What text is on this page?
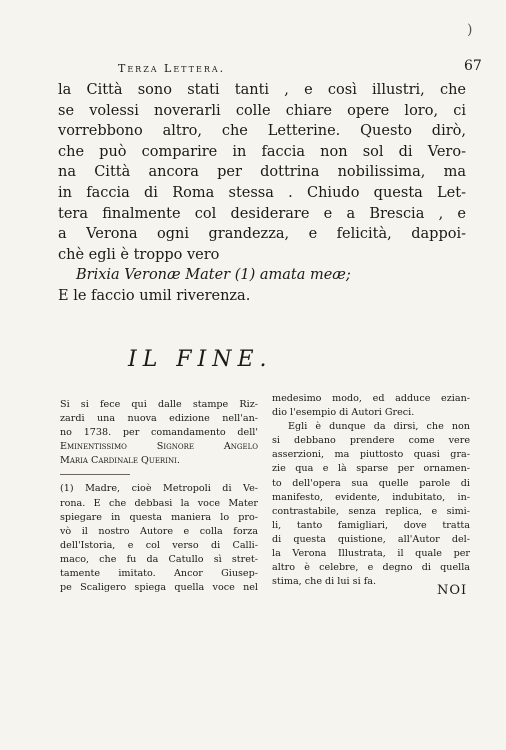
)
Terza Lettera.	67
la Città sono stati tanti , e così illustri, che
se volessi noverarli colle chiare opere loro, ci
vorrebbono altro, che Letterine. Questo dirò,
che può comparire in faccia non sol di Vero-
na Città ancora per dottrina nobilissima, ma
in faccia di Roma stessa . Chiudo questa Let-
tera finalmente col desiderare e a Brescia , e
a Verona ogni grandezza, e felicità, dappoi-
chè egli è troppo vero
Brixia Veronæ Mater (1) amata meæ;
E le faccio umil riverenza.
IL FINE.

Si si fece qui dalle stampe Riz-
zardi una nuova edizione nell'an-
no 1738. per comandamento dell'
Eminentissimo Signore Angelo
Maria Cardinale Querini.

(1) Madre, cioè Metropoli di Ve-
rona. E che debbasi la voce Mater
spiegare in questa maniera lo pro-
vò il nostro Autore e colla forza
dell'Istoria, e col verso di Calli-
maco, che fu da Catullo sì stret-
tamente imitato. Ancor Giusep-
pe Scaligero spiega quella voce nel

medesimo modo, ed adduce ezian-
dio l'esempio di Autori Greci.

Egli è dunque da dirsi, che non
si debbano prendere come vere
asserzioni, ma piuttosto quasi gra-
zie qua e là sparse per ornamen-
to dell'opera sua quelle parole di
manifesto, evidente, indubitato, in-
contrastabile, senza replica, e simi-
li, tanto famigliari, dove tratta
di questa quistione, all'Autor del-
la Verona Illustrata, il quale per
altro è celebre, e degno di quella
stima, che di lui si fa.

NOI
